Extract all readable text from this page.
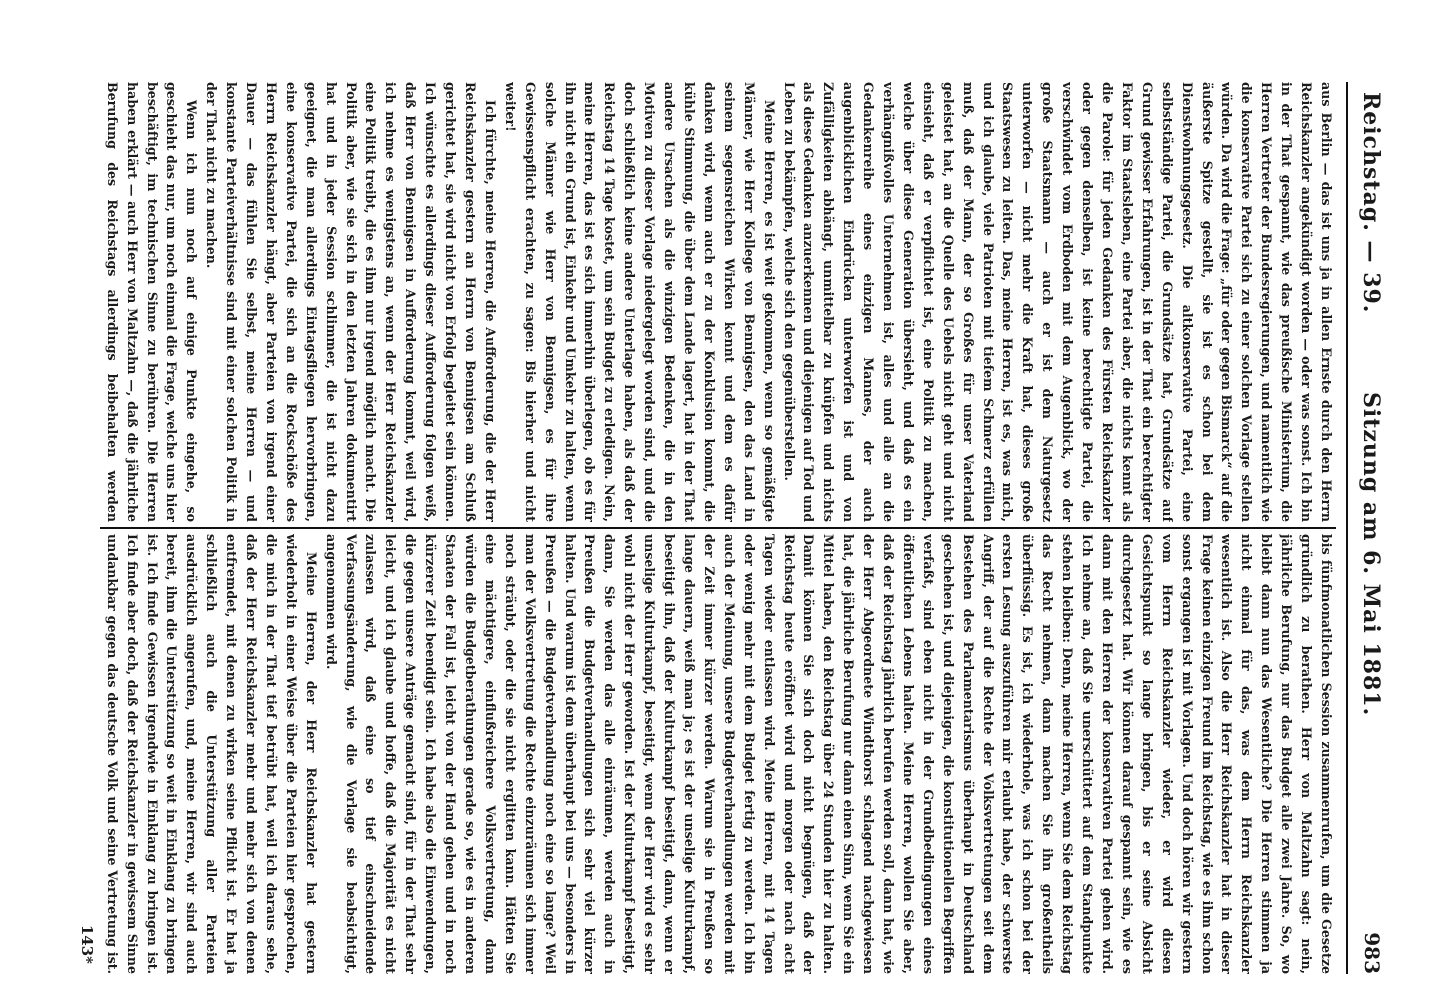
Reichstag. — 39.
Sitzung am 6. Mai 1881.
983

aus Berlin — das ist uns ja in allen Ernste durch den Herrn Reichskanzler angekündigt worden — oder was sonst. Ich bin in der That gespannt, wie das preußische Ministerium, die Herren Vertreter der Bundesregierungen, und namentlich wie die konservative Partei sich zu einer solchen Vorlage stellen würden. Da wird die Frage: „für oder gegen Bismarck“ auf die äußerste Spitze gestellt, sie ist es schon bei dem Dienstwohnungsgesetz. Die altkonservative Partei, eine selbstständige Partei, die Grundsätze hat, Grundsätze auf Grund gewisser Erfahrungen, ist in der That ein berechtigter Faktor im Staatsleben, eine Partei aber, die nichts kennt als die Parole: für jeden Gedanken des Fürsten Reichskanzler oder gegen denselben, ist keine berechtigte Partei, die verschwindet vom Erdboden mit dem Augenblick, wo der große Staatsmann — auch er ist dem Naturgesetz unterworfen — nicht mehr die Kraft hat, dieses große Staatswesen zu leiten. Das, meine Herren, ist es, was mich, und ich glaube, viele Patrioten mit tiefem Schmerz erfüllen muß, daß der Mann, der so Großes für unser Vaterland geleistet hat, an die Quelle des Uebels nicht geht und nicht einsieht, daß er verpflichtet ist, eine Politik zu machen, welche über diese Generation übersieht, und daß es ein verhängnißvolles Unternehmen ist, alles und alle an die Gedankenreihe eines einzigen Mannes, der auch augenblicklichen Eindrücken unterworfen ist und von Zufälligkeiten abhängt, unmittelbar zu knüpfen und nichts als diese Gedanken anzuerkennen und diejenigen auf Tod und Leben zu bekämpfen, welche sich den gegenüberstellen.

Meine Herren, es ist weit gekommen, wenn so gemäßigte Männer, wie Herr Kollege von Bennigsen, den das Land in seinem segensreichen Wirken kennt und dem es dafür danken wird, wenn auch er zu der Konklusion kommt, die kühle Stimmung, die über dem Lande lagert, hat in der That andere Ursachen als die winzigen Bedenken, die in den Motiven zu dieser Vorlage niedergelegt worden sind, und die doch schließlich keine andere Unterlage haben, als daß der Reichstag 14 Tage kostet, um sein Budget zu erledigen. Nein, meine Herren, das ist es sich immerhin überlegen, ob es für ihn nicht ein Grund ist, Einkehr und Umkehr zu halten, wenn solche Männer wie Herr von Bennigsen, es für ihre Gewissenspflicht erachten, zu sagen: Bis hierher und nicht weiter!

Ich fürchte, meine Herren, die Aufforderung, die der Herr Reichskanzler gestern an Herrn von Bennigsen am Schluß gerichtet hat, sie wird nicht von Erfolg begleitet sein können. Ich wünschte es allerdings dieser Aufforderung folgen weiß, daß Herr von Bennigsen in Aufforderung kommt, weil wird, ich nehme es wenigstens an, wenn der Herr Reichskanzler eine Politik treibt, die es ihm nur irgend möglich macht. Die Politik aber, wie sie sich in den letzten Jahren dokumentirt hat und in jeder Session schlimmer, die ist nicht dazu geeignet, die man allerdings Eintagsfliegen hervorbringen, eine konservative Partei, die sich an die Rockschöße des Herrn Reichskanzler hängt, aber Parteien von irgend einer Dauer — das fühlen Sie selbst, meine Herren — und konstante Parteiverhältnisse sind mit einer solchen Politik in der That nicht zu machen.

Wenn ich nun noch auf einige Punkte eingehe, so geschieht das nur, um noch einmal die Frage, welche uns hier beschäftigt, im technischen Sinne zu berühren. Die Herren haben erklärt — auch Herr von Maltzahn —, daß die jährliche Berufung des Reichstags allerdings beibehalten werden

bis fünfmonatlichen Session zusammenrufen, um die Gesetze gründlich zu berathen. Herr von Maltzahn sagt: nein, jährliche Berufung, nur das Budget alle zwei Jahre. So, wo bleibt dann nun das Wesentliche? Die Herren stimmen ja nicht einmal für das, was dem Herrn Reichskanzler wesentlich ist. Also die Herr Reichskanzler hat in dieser Frage keinen einzigen Freund im Reichstag, wie es ihm schon sonst ergangen ist mit Vorlagen. Und doch hören wir gestern vom Herrn Reichskanzler wieder, er wird diesen Gesichtspunkt so lange bringen, bis er seine Absicht durchgesetzt hat. Wir können darauf gespannt sein, wie es dann mit den Herren der konservativen Partei gehen wird. Ich nehme an, daß Sie unerschüttert auf dem Standpunkte stehen bleiben: Denn, meine Herren, wenn Sie dem Reichstag das Recht nehmen, dann machen Sie ihn großentheils überflüssig. Es ist, ich wiederhole, was ich schon bei der ersten Lesung auszuführen mir erlaubt habe, der schwerste Angriff, der auf die Rechte der Volksvertretungen seit dem Bestehen des Parlamentarismus überhaupt in Deutschland geschehen ist, und diejenigen, die konstitutionellen Begriffen verfaßt, sind eben nicht in der Grundbedingungen eines öffentlichen Lebens halten. Meine Herren, wollen Sie aber, daß der Reichstag jährlich berufen werden soll, dann hat, wie der Herr Abgeordnete Windthorst schlagend nachgewiesen hat, die jährliche Berufung nur dann einen Sinn, wenn Sie ein Mittel haben, den Reichstag über 24 Stunden hier zu halten. Damit können Sie sich doch nicht begnügen, daß der Reichstag heute eröffnet wird und morgen oder nach acht Tagen wieder entlassen wird. Meine Herren, mit 14 Tagen oder wenig mehr mit dem Budget fertig zu werden. Ich bin auch der Meinung, unsere Budgetverhandlungen werden mit der Zeit immer kürzer werden. Warum sie in Preußen so lange dauern, weiß man ja; es ist der unselige Kulturkampf, beseitigt ihn, daß der Kulturkampf beseitigt, dann, wenn er unselige Kulturkampf, beseitigt, wenn der Herr wird es sehr wohl nicht der Herr geworden. Ist der Kulturkampf beseitigt, dann, Sie werden das alle einräumen, werden auch in Preußen die Budgetverhandlungen sich sehr viel kürzer halten. Und warum ist dem überhaupt bei uns — besonders in Preußen — die Budgetverhandlung noch eine so lange? Weil man der Volksvertretung die Rechte einzuräumen sich immer noch sträubt, oder die sie nicht erglitten kann. Hätten Sie eine mächtigere, einflußreichere Volksvertretung, dann würden die Budgetberathungen gerade so, wie es in anderen Staaten der Fall ist, leicht von der Hand gehen und in noch kürzerer Zeit beendigt sein. Ich habe also die Einwendungen, die gegen unsere Anträge gemacht sind, für in der That sehr leicht, und ich glaube und hoffe, daß die Majorität es nicht zulassen wird, daß eine so tief einschneidende Verfassungsänderung, wie die Vorlage sie beabsichtigt, angenommen wird.

Meine Herren, der Herr Reichskanzler hat gestern wiederholt in einer Weise über die Parteien hier gesprochen, die mich in der That tief betrübt hat, weil ich daraus sehe, daß der Herr Reichskanzler mehr und mehr sich von denen entfremdet, mit denen zu wirken seine Pflicht ist. Er hat ja schließlich auch die Unterstützung aller Parteien ausdrücklich angerufen, und, meine Herren, wir sind auch bereit, ihm die Unterstützung so weit in Einklang zu bringen ist. Ich finde Gewissen irgendwie in Einklang zu bringen ist. Ich finde aber doch, daß der Reichskanzler in gewissem Sinne undankbar gegen das deutsche Volk und seine Vertretung ist.

143*
